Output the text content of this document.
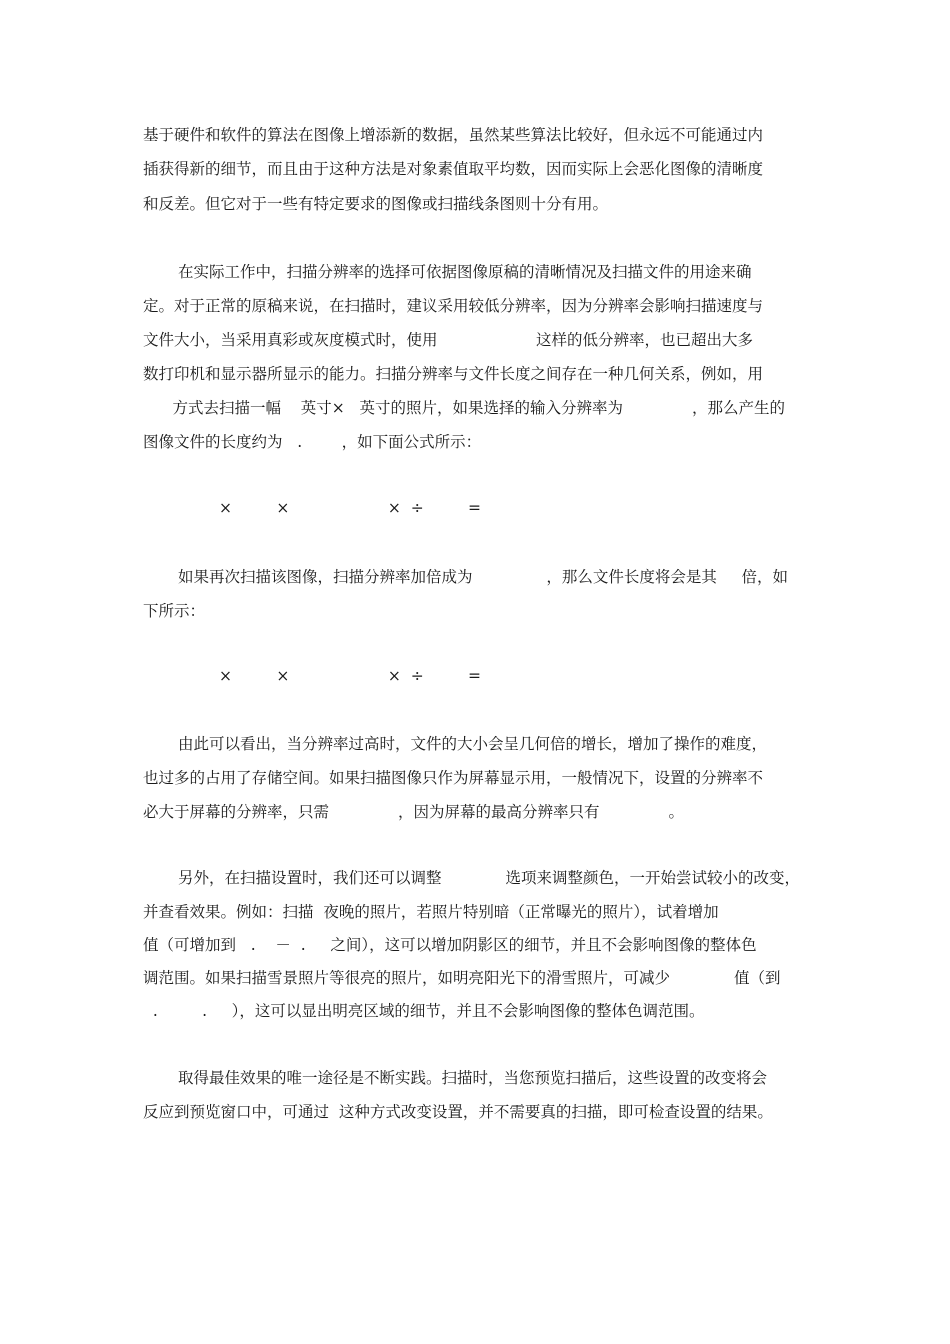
基于硬件和软件的算法在图像上增添新的数据，虽然某些算法比较好，但永远不可能通过内
插获得新的细节，而且由于这种方法是对象素值取平均数，因而实际上会恶化图像的清晰度
和反差。但它对于一些有特定要求的图像或扫描线条图则十分有用。
在实际工作中，扫描分辨率的选择可依据图像原稿的清晰情况及扫描文件的用途来确
定。对于正常的原稿来说，在扫描时，建议采用较低分辨率，因为分辨率会影响扫描速度与
文件大小，当采用真彩或灰度模式时，使用                    这样的低分辨率，也已超出大多
数打印机和显示器所显示的能力。扫描分辨率与文件长度之间存在一种几何关系，例如，用
方式去扫描一幅    英寸×   英寸的照片，如果选择的输入分辨率为              ，那么产生的
图像文件的长度约为   .        ，如下面公式所示：
×         ×                    ×  ÷         =
如果再次扫描该图像，扫描分辨率加倍成为               ，那么文件长度将会是其     倍，如
下所示：
×         ×                    ×  ÷         =
由此可以看出，当分辨率过高时，文件的大小会呈几何倍的增长，增加了操作的难度，
也过多的占用了存储空间。如果扫描图像只作为屏幕显示用，一般情况下，设置的分辨率不
必大于屏幕的分辨率，只需              ，因为屏幕的最高分辨率只有              。
另外，在扫描设置时，我们还可以调整             选项来调整颜色，一开始尝试较小的改变，
并查看效果。例如：扫描  夜晚的照片，若照片特别暗（正常曝光的照片），试着增加
值（可增加到   .    －  .     之间），这可以增加阴影区的细节，并且不会影响图像的整体色
调范围。如果扫描雪景照片等很亮的照片，如明亮阳光下的滑雪照片，可减少             值（到
.         .     ），这可以显出明亮区域的细节，并且不会影响图像的整体色调范围。
取得最佳效果的唯一途径是不断实践。扫描时，当您预览扫描后，这些设置的改变将会
反应到预览窗口中，可通过  这种方式改变设置，并不需要真的扫描，即可检查设置的结果。
